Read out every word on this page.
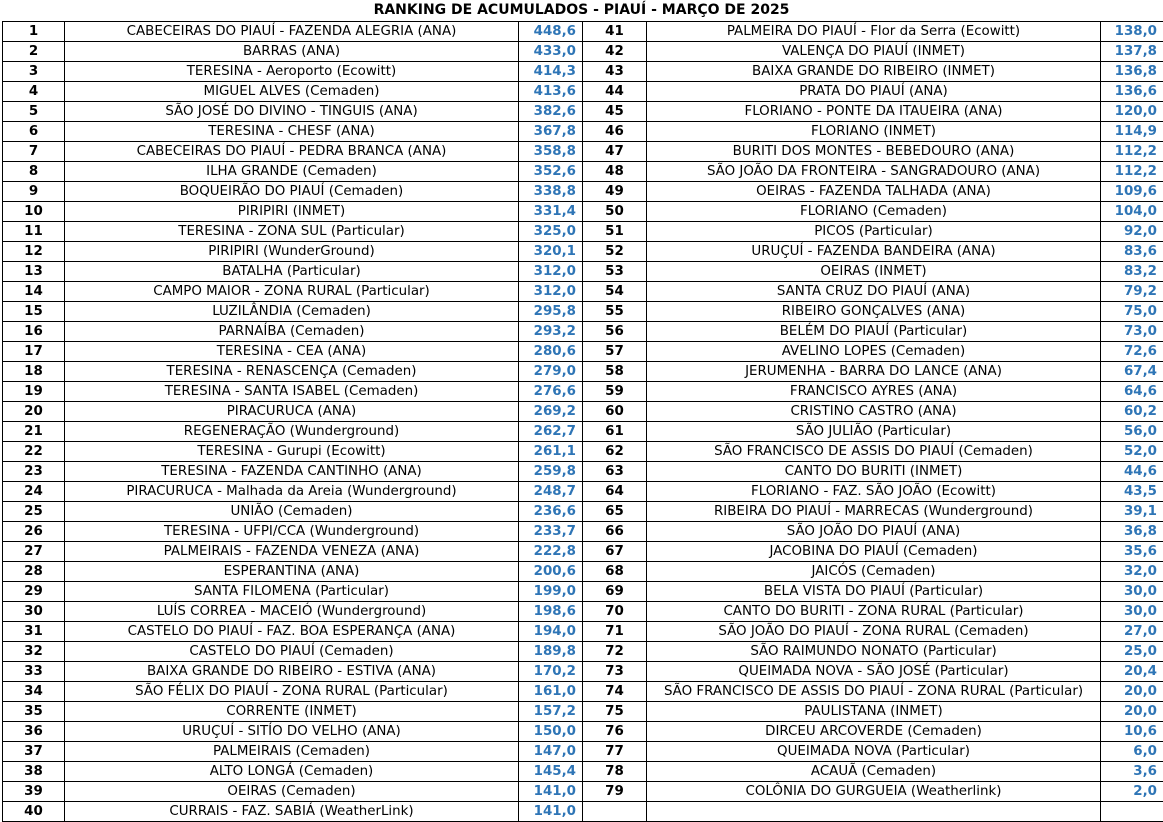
RANKING DE ACUMULADOS - PIAUÍ - MARÇO DE 2025
1	CABECEIRAS DO PIAUÍ - FAZENDA ALEGRIA (ANA)	448,6	41	PALMEIRA DO PIAUÍ - Flor da Serra (Ecowitt)	138,0
2	BARRAS (ANA)	433,0	42	VALENÇA DO PIAUÍ (INMET)	137,8
3	TERESINA - Aeroporto (Ecowitt)	414,3	43	BAIXA GRANDE DO RIBEIRO (INMET)	136,8
4	MIGUEL ALVES (Cemaden)	413,6	44	PRATA DO PIAUÍ (ANA)	136,6
5	SÃO JOSÉ DO DIVINO - TINGUIS (ANA)	382,6	45	FLORIANO - PONTE DA ITAUEIRA (ANA)	120,0
6	TERESINA - CHESF (ANA)	367,8	46	FLORIANO (INMET)	114,9
7	CABECEIRAS DO PIAUÍ - PEDRA BRANCA (ANA)	358,8	47	BURITI DOS MONTES - BEBEDOURO (ANA)	112,2
8	ILHA GRANDE (Cemaden)	352,6	48	SÃO JOÃO DA FRONTEIRA - SANGRADOURO (ANA)	112,2
9	BOQUEIRÃO DO PIAUÍ (Cemaden)	338,8	49	OEIRAS - FAZENDA TALHADA (ANA)	109,6
10	PIRIPIRI (INMET)	331,4	50	FLORIANO (Cemaden)	104,0
11	TERESINA - ZONA SUL (Particular)	325,0	51	PICOS (Particular)	92,0
12	PIRIPIRI (WunderGround)	320,1	52	URUÇUÍ - FAZENDA BANDEIRA (ANA)	83,6
13	BATALHA (Particular)	312,0	53	OEIRAS (INMET)	83,2
14	CAMPO MAIOR - ZONA RURAL (Particular)	312,0	54	SANTA CRUZ DO PIAUÍ (ANA)	79,2
15	LUZILÂNDIA (Cemaden)	295,8	55	RIBEIRO GONÇALVES (ANA)	75,0
16	PARNAÍBA (Cemaden)	293,2	56	BELÉM DO PIAUÍ (Particular)	73,0
17	TERESINA - CEA (ANA)	280,6	57	AVELINO LOPES (Cemaden)	72,6
18	TERESINA - RENASCENÇA (Cemaden)	279,0	58	JERUMENHA - BARRA DO LANCE (ANA)	67,4
19	TERESINA - SANTA ISABEL (Cemaden)	276,6	59	FRANCISCO AYRES (ANA)	64,6
20	PIRACURUCA (ANA)	269,2	60	CRISTINO CASTRO (ANA)	60,2
21	REGENERAÇÃO (Wunderground)	262,7	61	SÃO JULIÃO (Particular)	56,0
22	TERESINA - Gurupi (Ecowitt)	261,1	62	SÃO FRANCISCO DE ASSIS DO PIAUÍ (Cemaden)	52,0
23	TERESINA - FAZENDA CANTINHO (ANA)	259,8	63	CANTO DO BURITI (INMET)	44,6
24	PIRACURUCA - Malhada da Areia (Wunderground)	248,7	64	FLORIANO - FAZ. SÃO JOÃO (Ecowitt)	43,5
25	UNIÃO (Cemaden)	236,6	65	RIBEIRA DO PIAUÍ - MARRECAS (Wunderground)	39,1
26	TERESINA - UFPI/CCA (Wunderground)	233,7	66	SÃO JOÃO DO PIAUÍ (ANA)	36,8
27	PALMEIRAIS - FAZENDA VENEZA (ANA)	222,8	67	JACOBINA DO PIAUÍ (Cemaden)	35,6
28	ESPERANTINA (ANA)	200,6	68	JAICÓS (Cemaden)	32,0
29	SANTA FILOMENA (Particular)	199,0	69	BELA VISTA DO PIAUÍ (Particular)	30,0
30	LUÍS CORREA - MACEIÓ (Wunderground)	198,6	70	CANTO DO BURITI - ZONA RURAL (Particular)	30,0
31	CASTELO DO PIAUÍ - FAZ. BOA ESPERANÇA (ANA)	194,0	71	SÃO JOÃO DO PIAUÍ - ZONA RURAL (Cemaden)	27,0
32	CASTELO DO PIAUÍ (Cemaden)	189,8	72	SÃO RAIMUNDO NONATO (Particular)	25,0
33	BAIXA GRANDE DO RIBEIRO - ESTIVA (ANA)	170,2	73	QUEIMADA NOVA - SÃO JOSÉ (Particular)	20,4
34	SÃO FÉLIX DO PIAUÍ - ZONA RURAL (Particular)	161,0	74	SÃO FRANCISCO DE ASSIS DO PIAUÍ - ZONA RURAL (Particular)	20,0
35	CORRENTE (INMET)	157,2	75	PAULISTANA (INMET)	20,0
36	URUÇUÍ - SITÍO DO VELHO (ANA)	150,0	76	DIRCEU ARCOVERDE (Cemaden)	10,6
37	PALMEIRAIS (Cemaden)	147,0	77	QUEIMADA NOVA (Particular)	6,0
38	ALTO LONGÁ (Cemaden)	145,4	78	ACAUÃ (Cemaden)	3,6
39	OEIRAS (Cemaden)	141,0	79	COLÔNIA DO GURGUEIA (Weatherlink)	2,0
40	CURRAIS - FAZ. SABIÁ (WeatherLink)	141,0			
